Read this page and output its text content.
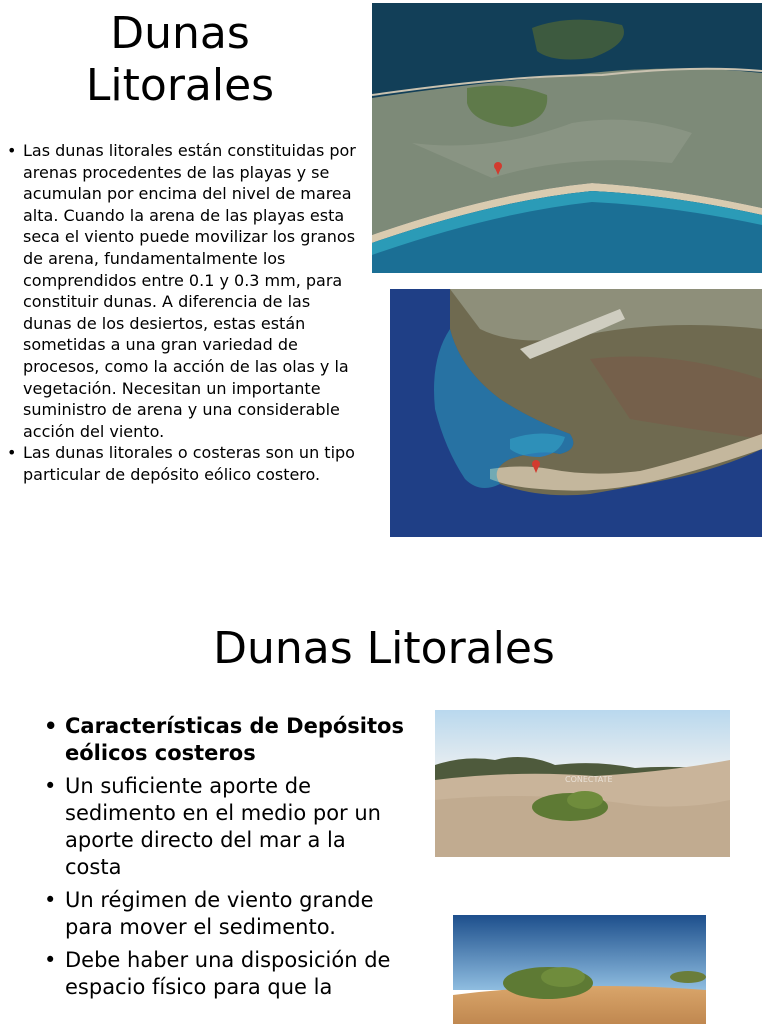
Dunas
Litorales
• Las dunas litorales están constituidas por arenas procedentes de las playas y se acumulan por encima del nivel de marea alta. Cuando la arena de las playas esta seca el viento puede movilizar los granos de arena, fundamentalmente los comprendidos entre 0.1 y 0.3 mm, para constituir dunas. A diferencia de las dunas de los desiertos, estas están sometidas a una gran variedad de procesos, como la acción de las olas y la vegetación. Necesitan un importante suministro de arena y una considerable acción del viento.
• Las dunas litorales o costeras son un tipo particular de depósito eólico costero.
Dunas Litorales
• Características de Depósitos eólicos costeros
• Un suficiente aporte de sedimento en el medio por un aporte directo del mar a la costa
• Un régimen de viento grande para mover el sedimento.
• Debe haber una disposición de espacio físico para que la
CONECTATE
